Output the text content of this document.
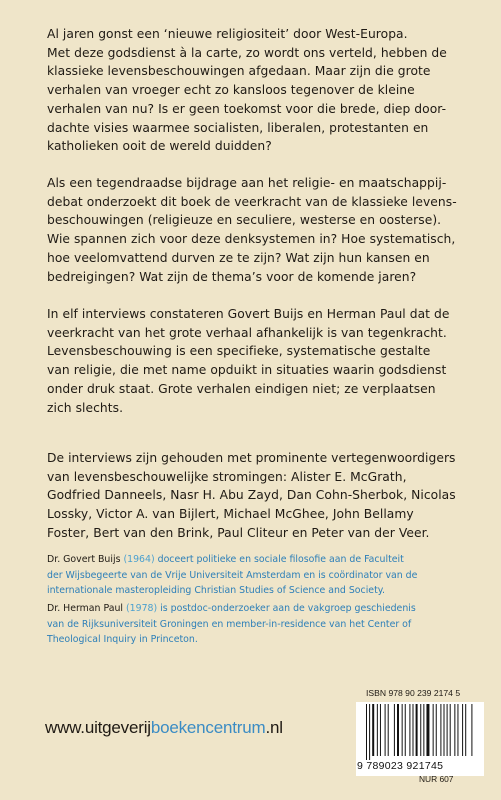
Al jaren gonst een ‘nieuwe religiositeit’ door West-Europa.
Met deze godsdienst à la carte, zo wordt ons verteld, hebben de
klassieke levensbeschouwingen afgedaan. Maar zijn die grote
verhalen van vroeger echt zo kansloos tegenover de kleine
verhalen van nu? Is er geen toekomst voor die brede, diep door-
dachte visies waarmee socialisten, liberalen, protestanten en
katholieken ooit de wereld duidden?
Als een tegendraadse bijdrage aan het religie- en maatschappij-
debat onderzoekt dit boek de veerkracht van de klassieke levens-
beschouwingen (religieuze en seculiere, westerse en oosterse).
Wie spannen zich voor deze denksystemen in? Hoe systematisch,
hoe veelomvattend durven ze te zijn? Wat zijn hun kansen en
bedreigingen? Wat zijn de thema’s voor de komende jaren?
In elf interviews constateren Govert Buijs en Herman Paul dat de
veerkracht van het grote verhaal afhankelijk is van tegenkracht.
Levensbeschouwing is een specifieke, systematische gestalte
van religie, die met name opduikt in situaties waarin godsdienst
onder druk staat. Grote verhalen eindigen niet; ze verplaatsen
zich slechts.
De interviews zijn gehouden met prominente vertegenwoordigers
van levensbeschouwelijke stromingen: Alister E. McGrath,
Godfried Danneels, Nasr H. Abu Zayd, Dan Cohn-Sherbok, Nicolas
Lossky, Victor A. van Bijlert, Michael McGhee, John Bellamy
Foster, Bert van den Brink, Paul Cliteur en Peter van der Veer.
Dr. Govert Buijs (1964) doceert politieke en sociale filosofie aan de Faculteit
der Wijsbegeerte van de Vrije Universiteit Amsterdam en is coördinator van de
internationale masteropleiding Christian Studies of Science and Society.
Dr. Herman Paul (1978) is postdoc-onderzoeker aan de vakgroep geschiedenis
van de Rijksuniversiteit Groningen en member-in-residence van het Center of
Theological Inquiry in Princeton.
www.uitgeverijboekencentrum.nl
ISBN 978 90 239 2174 5
9 789023 921745
NUR 607
